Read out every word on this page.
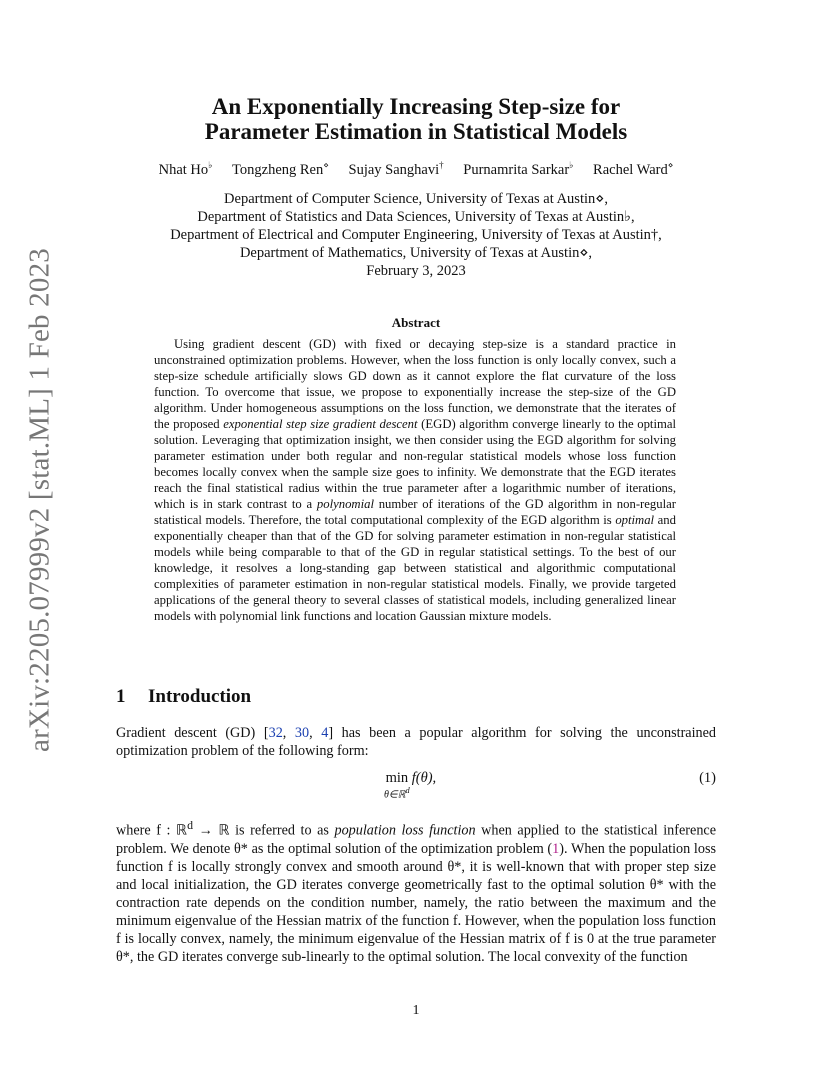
arXiv:2205.07999v2 [stat.ML] 1 Feb 2023
An Exponentially Increasing Step-size for
Parameter Estimation in Statistical Models
Nhat Ho♭ Tongzheng Ren⋄ Sujay Sanghavi† Purnamrita Sarkar♭ Rachel Ward⋄
Department of Computer Science, University of Texas at Austin⋄,
Department of Statistics and Data Sciences, University of Texas at Austin♭,
Department of Electrical and Computer Engineering, University of Texas at Austin†,
Department of Mathematics, University of Texas at Austin⋄,
February 3, 2023
Abstract

Using gradient descent (GD) with fixed or decaying step-size is a standard practice in unconstrained optimization problems. However, when the loss function is only locally convex, such a step-size schedule artificially slows GD down as it cannot explore the flat curvature of the loss function. To overcome that issue, we propose to exponentially increase the step-size of the GD algorithm. Under homogeneous assumptions on the loss function, we demonstrate that the iterates of the proposed exponential step size gradient descent (EGD) algorithm converge linearly to the optimal solution. Leveraging that optimization insight, we then consider using the EGD algorithm for solving parameter estimation under both regular and non-regular statistical models whose loss function becomes locally convex when the sample size goes to infinity. We demonstrate that the EGD iterates reach the final statistical radius within the true parameter after a logarithmic number of iterations, which is in stark contrast to a polynomial number of iterations of the GD algorithm in non-regular statistical models. Therefore, the total computational complexity of the EGD algorithm is optimal and exponentially cheaper than that of the GD for solving parameter estimation in non-regular statistical models while being comparable to that of the GD in regular statistical settings. To the best of our knowledge, it resolves a long-standing gap between statistical and algorithmic computational complexities of parameter estimation in non-regular statistical models. Finally, we provide targeted applications of the general theory to several classes of statistical models, including generalized linear models with polynomial link functions and location Gaussian mixture models.

1 Introduction

Gradient descent (GD) [32, 30, 4] has been a popular algorithm for solving the unconstrained optimization problem of the following form:

min
θ∈ℝ$^d$
f(θ),	(1)

where f : ℝ$^d$ → ℝ is referred to as population loss function when applied to the statistical inference problem. We denote θ* as the optimal solution of the optimization problem (1). When the population loss function f is locally strongly convex and smooth around θ*, it is well-known that with proper step size and local initialization, the GD iterates converge geometrically fast to the optimal solution θ* with the contraction rate depends on the condition number, namely, the ratio between the maximum and the minimum eigenvalue of the Hessian matrix of the function f. However, when the population loss function f is locally convex, namely, the minimum eigenvalue of the Hessian matrix of f is 0 at the true parameter θ*, the GD iterates converge sub-linearly to the optimal solution. The local convexity of the function

1
